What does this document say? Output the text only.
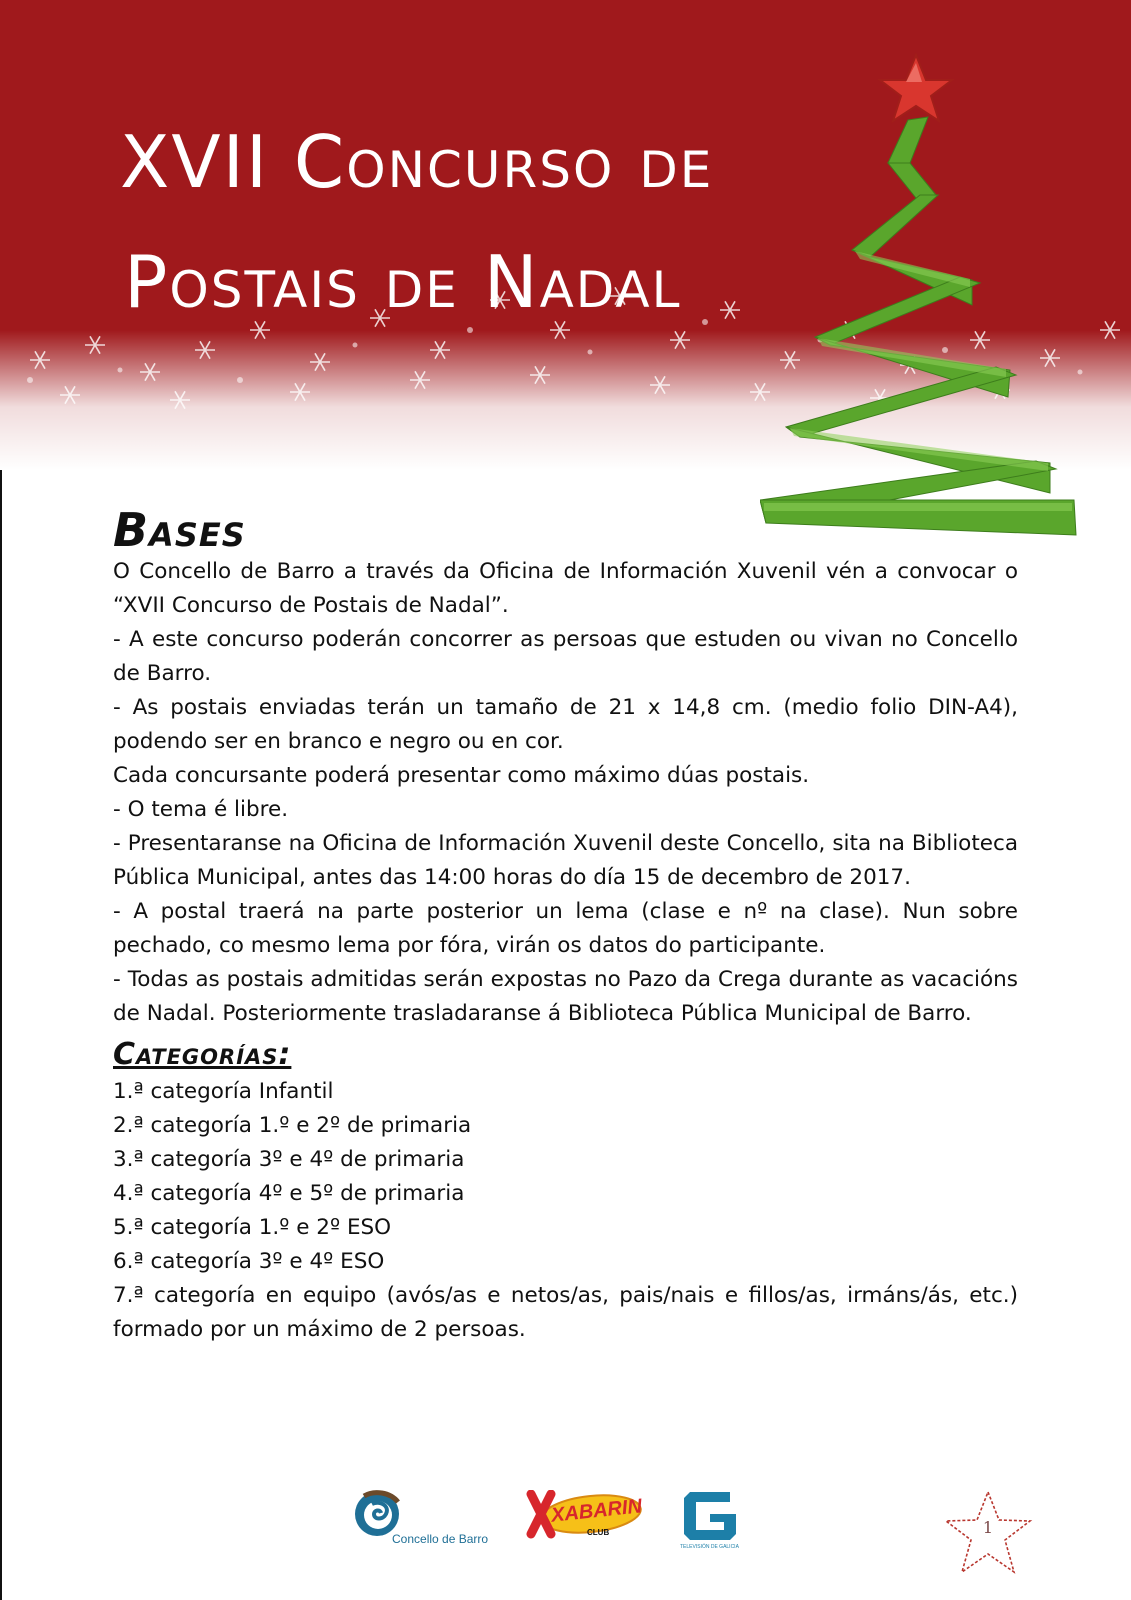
XVII Concurso de
Postais de Nadal
Bases

O Concello de Barro a través da Oficina de Información Xuvenil vén a convocar o “XVII Concurso de Postais de Nadal”.

- A este concurso poderán concorrer as persoas que estuden ou vivan no Concello de Barro.

- As postais enviadas terán un tamaño de 21 x 14,8 cm. (medio folio DIN-A4), podendo ser en branco e negro ou en cor.

Cada concursante poderá presentar como máximo dúas postais.

- O tema é libre.

- Presentaranse na Oficina de Información Xuvenil deste Concello, sita na Biblioteca Pública Municipal, antes das 14:00 horas do día 15 de decembro de 2017.

- A postal traerá na parte posterior un lema (clase e nº na clase). Nun sobre pechado, co mesmo lema por fóra, virán os datos do participante.

- Todas as postais admitidas serán expostas no Pazo da Crega durante as vacacións de Nadal. Posteriormente trasladaranse á Biblioteca Pública Municipal de Barro.

Categorías:
1.ª categoría Infantil
2.ª categoría 1.º e 2º de primaria
3.ª categoría 3º e 4º de primaria
4.ª categoría 4º e 5º de primaria
5.ª categoría 1.º e 2º ESO
6.ª categoría 3º e 4º ESO
7.ª categoría en equipo (avós/as e netos/as, pais/nais e fillos/as, irmáns/ás, etc.) formado por un máximo de 2 persoas.
Concello de Barro
XABARIN
CLUB
TELEVISIÓN DE GALICIA
1
